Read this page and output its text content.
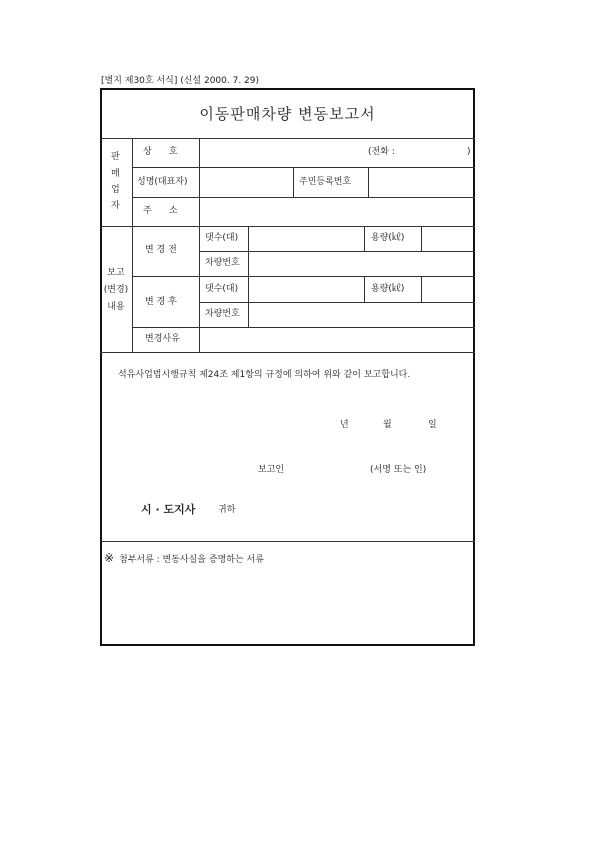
[별지 제30호 서식] (신설 2000. 7. 29)
이동판매차량 변동보고서
판
매
업
자
상      호	(전화 :	)
성명(대표자)	주민등록번호
주      소
보고
(변경)
내용
변 경 전
댓수(대)	용량(㎘)
차량번호
변 경 후
댓수(대)	용량(㎘)
차량번호
변경사유
석유사업법시행규칙 제24조 제1항의 규정에 의하여 위와 같이 보고합니다.
년	월	일
보고인	(서명 또는 인)
시 · 도지사	귀하
※ 첨부서류 : 변동사실을 증명하는 서류
